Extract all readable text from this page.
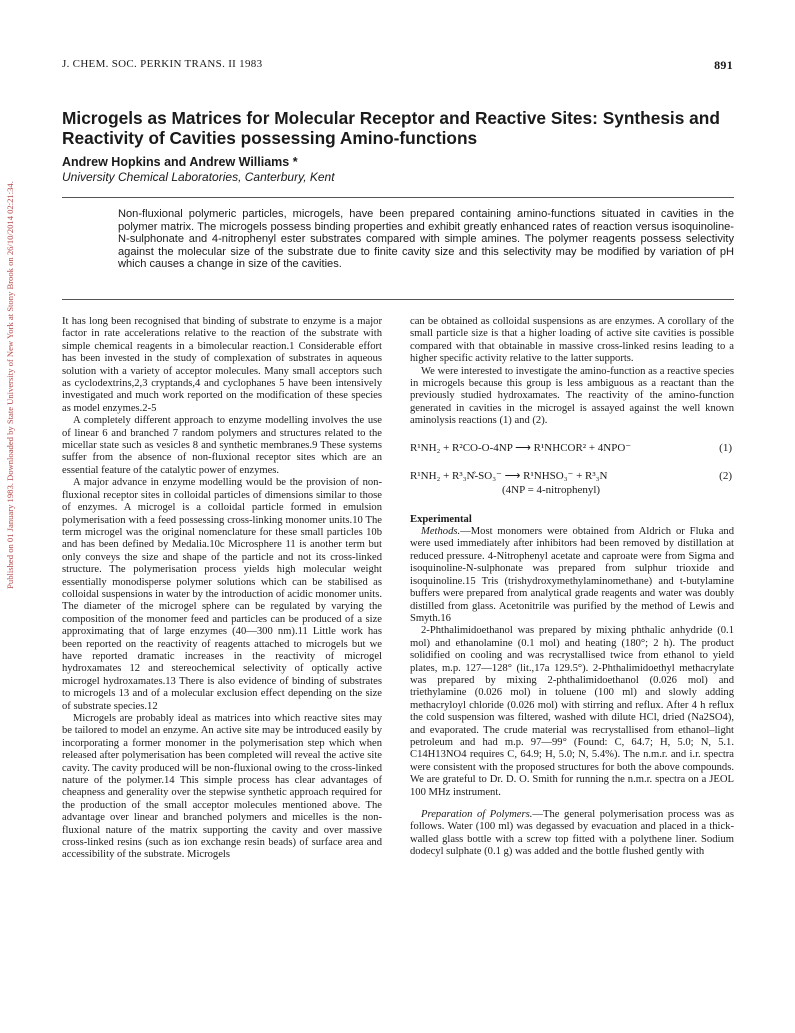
Published on 01 January 1983. Downloaded by State University of New York at Stony Brook on 26/10/2014 02:21:34.
J. CHEM. SOC. PERKIN TRANS. II 1983	891
Microgels as Matrices for Molecular Receptor and Reactive Sites: Synthesis and Reactivity of Cavities possessing Amino-functions
Andrew Hopkins and Andrew Williams *
University Chemical Laboratories, Canterbury, Kent
Non-fluxional polymeric particles, microgels, have been prepared containing amino-functions situated in cavities in the polymer matrix. The microgels possess binding properties and exhibit greatly enhanced rates of reaction versus isoquinoline-N-sulphonate and 4-nitrophenyl ester substrates compared with simple amines. The polymer reagents possess selectivity against the molecular size of the substrate due to finite cavity size and this selectivity may be modified by variation of pH which causes a change in size of the cavities.

It has long been recognised that binding of substrate to enzyme is a major factor in rate accelerations relative to the reaction of the substrate with simple chemical reagents in a bimolecular reaction.1 Considerable effort has been invested in the study of complexation of substrates in aqueous solution with a variety of acceptor molecules. Many small acceptors such as cyclodextrins,2,3 cryptands,4 and cyclophanes 5 have been intensively investigated and much work reported on the modification of these species as model enzymes.2-5

A completely different approach to enzyme modelling involves the use of linear 6 and branched 7 random polymers and structures related to the micellar state such as vesicles 8 and synthetic membranes.9 These systems suffer from the absence of non-fluxional receptor sites which are an essential feature of the catalytic power of enzymes.

A major advance in enzyme modelling would be the provision of non-fluxional receptor sites in colloidal particles of dimensions similar to those of enzymes. A microgel is a colloidal particle formed in emulsion polymerisation with a feed possessing cross-linking monomer units.10 The term microgel was the original nomenclature for these small particles 10b and has been defined by Medalia.10c Microsphere 11 is another term but only conveys the size and shape of the particle and not its cross-linked structure. The polymerisation process yields high molecular weight essentially monodisperse polymer solutions which can be stabilised as colloidal suspensions in water by the introduction of acidic monomer units. The diameter of the microgel sphere can be regulated by varying the composition of the monomer feed and particles can be produced of a size approximating that of large enzymes (40—300 nm).11 Little work has been reported on the reactivity of reagents attached to microgels but we have reported dramatic increases in the reactivity of microgel hydroxamates 12 and stereochemical selectivity of optically active microgel hydroxamates.13 There is also evidence of binding of substrates to microgels 13 and of a molecular exclusion effect depending on the size of substrate species.12

Microgels are probably ideal as matrices into which reactive sites may be tailored to model an enzyme. An active site may be introduced easily by incorporating a former monomer in the polymerisation step which when released after polymerisation has been completed will reveal the active site cavity. The cavity produced will be non-fluxional owing to the cross-linked nature of the polymer.14 This simple process has clear advantages of cheapness and generality over the stepwise synthetic approach required for the production of the small acceptor molecules mentioned above. The advantage over linear and branched polymers and micelles is the non-fluxional nature of the matrix supporting the cavity and over massive cross-linked resins (such as ion exchange resin beads) of surface area and accessibility of the substrate. Microgels

can be obtained as colloidal suspensions as are enzymes. A corollary of the small particle size is that a higher loading of active site cavities is possible compared with that obtainable in massive cross-linked resins leading to a higher specific activity relative to the latter supports.

We were interested to investigate the amino-function as a reactive species in microgels because this group is less ambiguous as a reactant than the previously studied hydroxamates. The reactivity of the amino-function generated in cavities in the microgel is assayed against the well known aminolysis reactions (1) and (2).

R¹NH₂ + R²CO-O-4NP ⟶ R¹NHCOR² + 4NPO⁻	(1)
R¹NH₂ + R³₃N̊-SO₃⁻ ⟶ R¹NHSO₃⁻ + R³₃N	(2)
(4NP = 4-nitrophenyl)
Experimental

Methods.—Most monomers were obtained from Aldrich or Fluka and were used immediately after inhibitors had been removed by distillation at reduced pressure. 4-Nitrophenyl acetate and caproate were from Sigma and isoquinoline-N-sulphonate was prepared from sulphur trioxide and isoquinoline.15 Tris (trishydroxymethylaminomethane) and t-butylamine buffers were prepared from analytical grade reagents and water was doubly distilled from glass. Acetonitrile was purified by the method of Lewis and Smyth.16

2-Phthalimidoethanol was prepared by mixing phthalic anhydride (0.1 mol) and ethanolamine (0.1 mol) and heating (180°; 2 h). The product solidified on cooling and was recrystallised twice from ethanol to yield plates, m.p. 127—128° (lit.,17a 129.5°). 2-Phthalimidoethyl methacrylate was prepared by mixing 2-phthalimidoethanol (0.026 mol) and triethylamine (0.026 mol) in toluene (100 ml) and slowly adding methacryloyl chloride (0.026 mol) with stirring and reflux. After 4 h reflux the cold suspension was filtered, washed with dilute HCl, dried (Na2SO4), and evaporated. The crude material was recrystallised from ethanol–light petroleum and had m.p. 97—99° (Found: C, 64.7; H, 5.0; N, 5.1. C14H13NO4 requires C, 64.9; H, 5.0; N, 5.4%). The n.m.r. and i.r. spectra were consistent with the proposed structures for both the above compounds. We are grateful to Dr. D. O. Smith for running the n.m.r. spectra on a JEOL 100 MHz instrument.

Preparation of Polymers.—The general polymerisation process was as follows. Water (100 ml) was degassed by evacuation and placed in a thick-walled glass bottle with a screw top fitted with a polythene liner. Sodium dodecyl sulphate (0.1 g) was added and the bottle flushed gently with
